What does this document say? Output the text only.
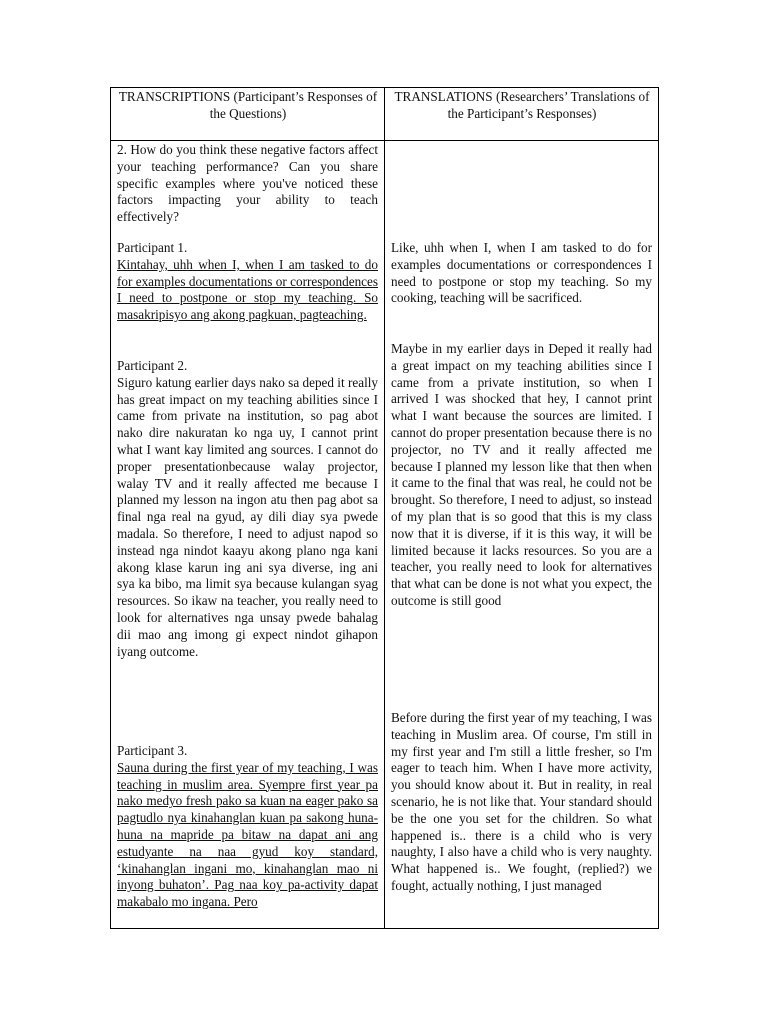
TRANSCRIPTIONS (Participant’s Responses of the Questions)
TRANSLATIONS (Researchers’ Translations of the Participant’s Responses)
2. How do you think these negative factors affect your teaching performance? Can you share specific examples where you've noticed these factors impacting your ability to teach effectively?

Participant 1.

Kintahay, uhh when I, when I am tasked to do for examples documentations or correspondences I need to postpone or stop my teaching. So masakripisyo ang akong pagkuan, pagteaching.

Like, uhh when I, when I am tasked to do for examples documentations or correspondences I need to postpone or stop my teaching. So my cooking, teaching will be sacrificed.

Participant 2.

Siguro katung earlier days nako sa deped it really has great impact on my teaching abilities since I came from private na institution, so pag abot nako dire nakuratan ko nga uy, I cannot print what I want kay limited ang sources. I cannot do proper presentationbecause walay projector, walay TV and it really affected me because I planned my lesson na ingon atu then pag abot sa final nga real na gyud, ay dili diay sya pwede madala. So therefore, I need to adjust napod so instead nga nindot kaayu akong plano nga kani akong klase karun ing ani sya diverse, ing ani sya ka bibo, ma limit sya because kulangan syag resources. So ikaw na teacher, you really need to look for alternatives nga unsay pwede bahalag dii mao ang imong gi expect nindot gihapon iyang outcome.

Maybe in my earlier days in Deped it really had a great impact on my teaching abilities since I came from a private institution, so when I arrived I was shocked that hey, I cannot print what I want because the sources are limited. I cannot do proper presentation because there is no projector, no TV and it really affected me because I planned my lesson like that then when it came to the final that was real, he could not be brought. So therefore, I need to adjust, so instead of my plan that is so good that this is my class now that it is diverse, if it is this way, it will be limited because it lacks resources. So you are a teacher, you really need to look for alternatives that what can be done is not what you expect, the outcome is still good

Participant 3.

Sauna during the first year of my teaching, I was teaching in muslim area. Syempre first year pa nako medyo fresh pako sa kuan na eager pako sa pagtudlo nya kinahanglan kuan pa sakong huna-huna na mapride pa bitaw na dapat ani ang estudyante na naa gyud koy standard, ‘kinahanglan ingani mo, kinahanglan mao ni inyong buhaton’. Pag naa koy pa-activity dapat makabalo mo ingana. Pero

Before during the first year of my teaching, I was teaching in Muslim area. Of course, I'm still in my first year and I'm still a little fresher, so I'm eager to teach him. When I have more activity, you should know about it. But in reality, in real scenario, he is not like that. Your standard should be the one you set for the children. So what happened is.. there is a child who is very naughty, I also have a child who is very naughty. What happened is.. We fought, (replied?) we fought, actually nothing, I just managed
